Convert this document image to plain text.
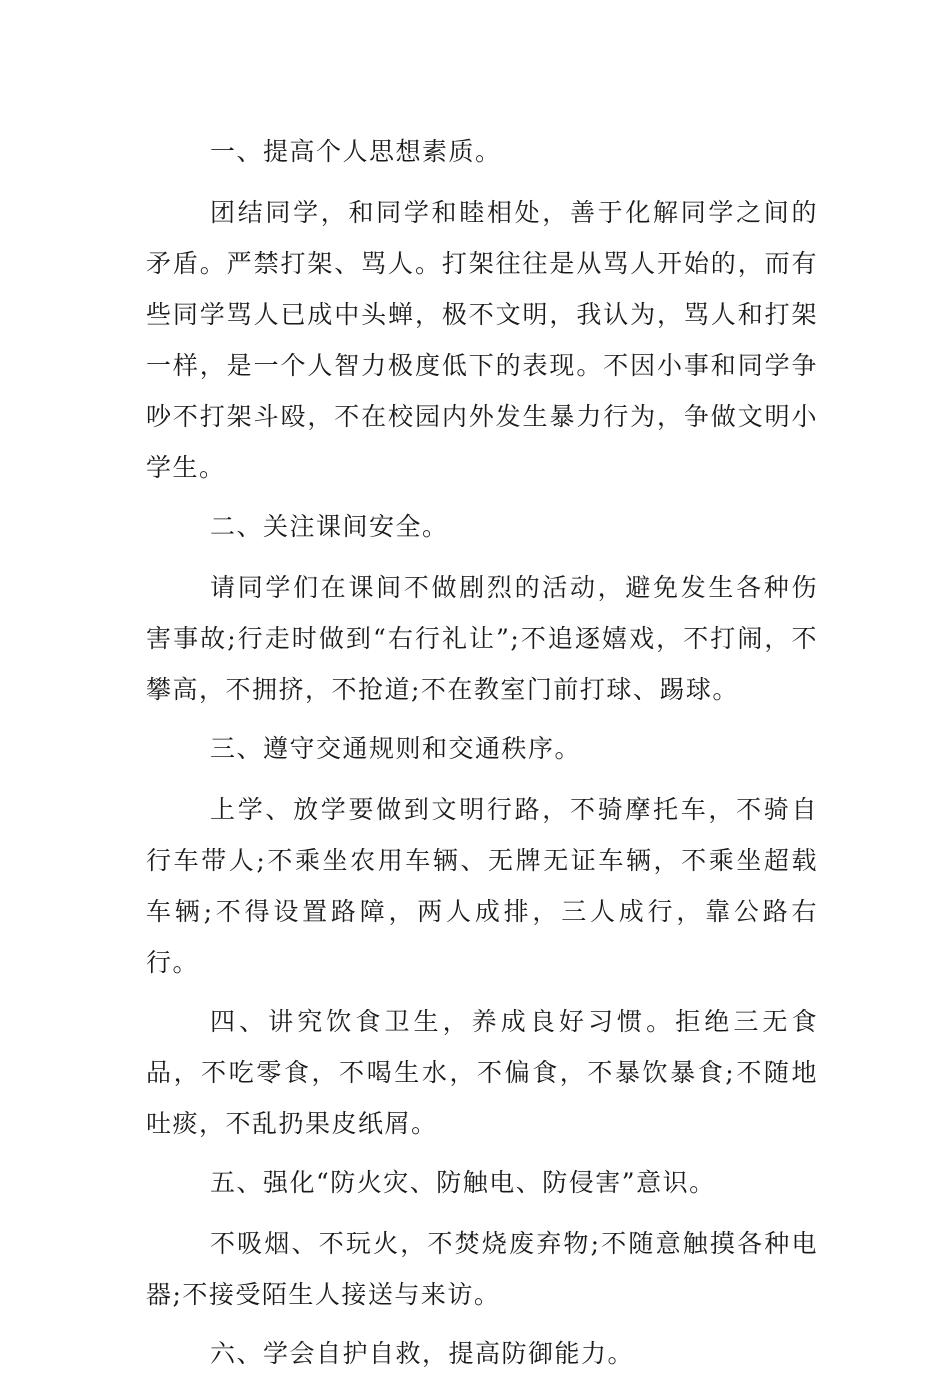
一、提高个人思想素质。

团结同学，和同学和睦相处，善于化解同学之间的矛盾。严禁打架、骂人。打架往往是从骂人开始的，而有些同学骂人已成中头蝉，极不文明，我认为，骂人和打架一样，是一个人智力极度低下的表现。不因小事和同学争吵不打架斗殴，不在校园内外发生暴力行为，争做文明小学生。

二、关注课间安全。

请同学们在课间不做剧烈的活动，避免发生各种伤害事故;行走时做到“右行礼让”;不追逐嬉戏，不打闹，不攀高，不拥挤，不抢道;不在教室门前打球、踢球。

三、遵守交通规则和交通秩序。

上学、放学要做到文明行路，不骑摩托车，不骑自行车带人;不乘坐农用车辆、无牌无证车辆，不乘坐超载车辆;不得设置路障，两人成排，三人成行，靠公路右行。

四、讲究饮食卫生，养成良好习惯。拒绝三无食品，不吃零食，不喝生水，不偏食，不暴饮暴食;不随地吐痰，不乱扔果皮纸屑。

五、强化“防火灾、防触电、防侵害”意识。

不吸烟、不玩火，不焚烧废弃物;不随意触摸各种电器;不接受陌生人接送与来访。

六、学会自护自救，提高防御能力。
